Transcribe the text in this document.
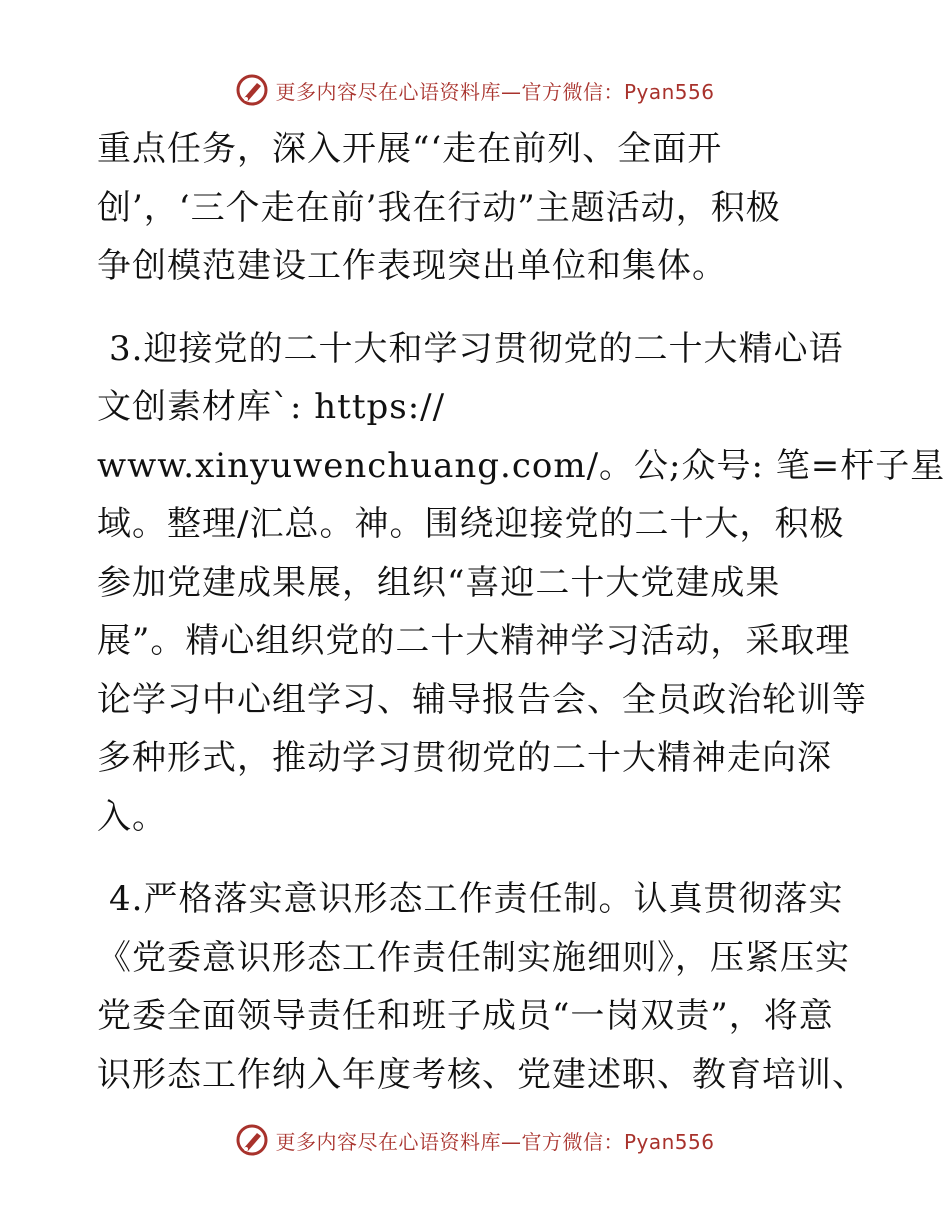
更多内容尽在心语资料库—官方微信：Pyan556

重点任务，深入开展“‘走在前列、全面开
创’，‘三个走在前’我在行动”主题活动，积极
争创模范建设工作表现突出单位和集体。

3.迎接党的二十大和学习贯彻党的二十大精心语
文创素材库`: https://
www.xinyuwenchuang.com/。公;众号: 笔=杆子星
域。整理/汇总。神。围绕迎接党的二十大，积极
参加党建成果展，组织“喜迎二十大党建成果
展”。精心组织党的二十大精神学习活动，采取理
论学习中心组学习、辅导报告会、全员政治轮训等
多种形式，推动学习贯彻党的二十大精神走向深
入。

4.严格落实意识形态工作责任制。认真贯彻落实
《党委意识形态工作责任制实施细则》，压紧压实
党委全面领导责任和班子成员“一岗双责”，将意
识形态工作纳入年度考核、党建述职、教育培训、

更多内容尽在心语资料库—官方微信：Pyan556
